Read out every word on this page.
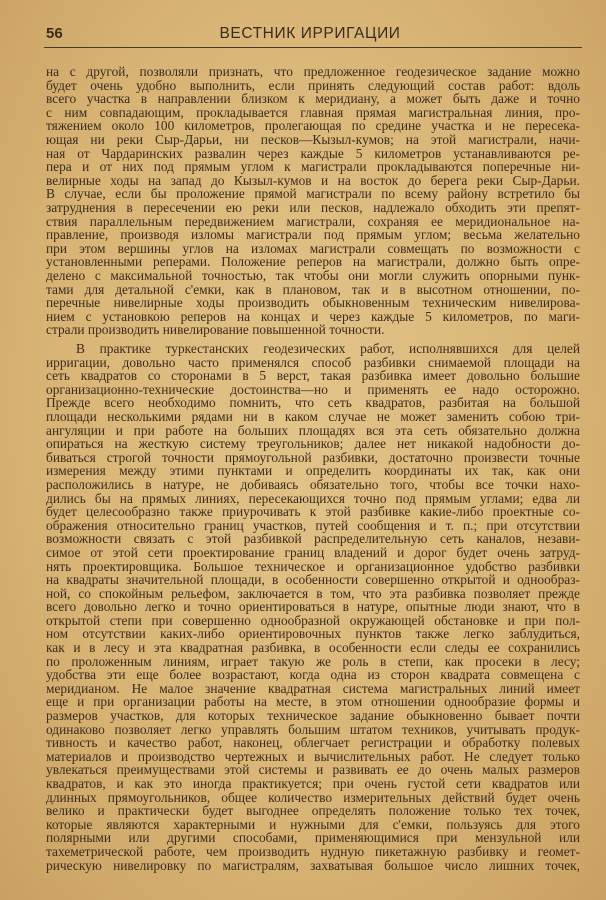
56	ВЕСТНИК ИРРИГАЦИИ
на с другой, позволяли признать, что предложенное геодезическое задание можно
будет очень удобно выполнить, если принять следующий состав работ: вдоль
всего участка в направлении близком к меридиану, а может быть даже и точно
с ним совпадающим, прокладывается главная прямая магистральная линия, про-
тяжением около 100 километров, пролегающая по средине участка и не пересека-
ющая ни реки Сыр-Дарьи, ни песков—Кызыл-кумов; на этой магистрали, начи-
ная от Чардаринских развалин через каждые 5 километров устанавливаются ре-
пера и от них под прямым углом к магистрали прокладываются поперечные ни-
велирные ходы на запад до Кызыл-кумов и на восток до берега реки Сыр-Дарьи.
В случае, если бы проложение прямой магистрали по всему району встретило бы
затруднения в пересечении ею реки или песков, надлежало обходить эти препят-
ствия параллельным передвижением магистрали, сохраняя ее меридиональное на-
правление, производя изломы магистрали под прямым углом; весьма желательно
при этом вершины углов на изломах магистрали совмещать по возможности с
установленными реперами. Положение реперов на магистрали, должно быть опре-
делено с максимальной точностью, так чтобы они могли служить опорными пунк-
тами для детальной с'емки, как в плановом, так и в высотном отношении, по-
перечные нивелирные ходы производить обыкновенным техническим нивелирова-
нием с установкою реперов на концах и через каждые 5 километров, по маги-
страли производить нивелирование повышенной точности.
В практике туркестанских геодезических работ, исполнявшихся для целей
ирригации, довольно часто применялся способ разбивки снимаемой площади на
сеть квадратов со сторонами в 5 верст, такая разбивка имеет довольно большие
организационно-технические достоинства—но и применять ее надо осторожно.
Прежде всего необходимо помнить, что сеть квадратов, разбитая на большой
площади несколькими рядами ни в каком случае не может заменить собою три-
ангуляции и при работе на больших площадях вся эта сеть обязательно должна
опираться на жесткую систему треугольников; далее нет никакой надобности до-
биваться строгой точности прямоугольной разбивки, достаточно произвести точные
измерения между этими пунктами и определить координаты их так, как они
расположились в натуре, не добиваясь обязательно того, чтобы все точки нахо-
дились бы на прямых линиях, пересекающихся точно под прямым углами; едва ли
будет целесообразно также приурочивать к этой разбивке какие-либо проектные со-
ображения относительно границ участков, путей сообщения и т. п.; при отсутствии
возможности связать с этой разбивкой распределительную сеть каналов, незави-
симое от этой сети проектирование границ владений и дорог будет очень затруд-
нять проектировщика. Большое техническое и организационное удобство разбивки
на квадраты значительной площади, в особенности совершенно открытой и однообраз-
ной, со спокойным рельефом, заключается в том, что эта разбивка позволяет прежде
всего довольно легко и точно ориентироваться в натуре, опытные люди знают, что в
открытой степи при совершенно однообразной окружающей обстановке и при пол-
ном отсутствии каких-либо ориентировочных пунктов также легко заблудиться,
как и в лесу и эта квадратная разбивка, в особенности если следы ее сохранились
по проложенным линиям, играет такую же роль в степи, как просеки в лесу;
удобства эти еще более возрастают, когда одна из сторон квадрата совмещена с
меридианом. Не малое значение квадратная система магистральных линий имеет
еще и при организации работы на месте, в этом отношении однообразие формы и
размеров участков, для которых техническое задание обыкновенно бывает почти
одинаково позволяет легко управлять большим штатом техников, учитывать продук-
тивность и качество работ, наконец, облегчает регистрации и обработку полевых
материалов и производство чертежных и вычислительных работ. Не следует только
увлекаться преимуществами этой системы и развивать ее до очень малых размеров
квадратов, и как это иногда практикуется; при очень густой сети квадратов или
длинных прямоугольников, общее количество измерительных действий будет очень
велико и практически будет выгоднее определять положение только тех точек,
которые являются характерными и нужными для с'емки, пользуясь для этого
полярными или другими способами, применяющимися при мензульной или
тахеметрической работе, чем производить нудную пикетажную разбивку и геомет-
рическую нивелировку по магистралям, захватывая большое число лишних точек,
